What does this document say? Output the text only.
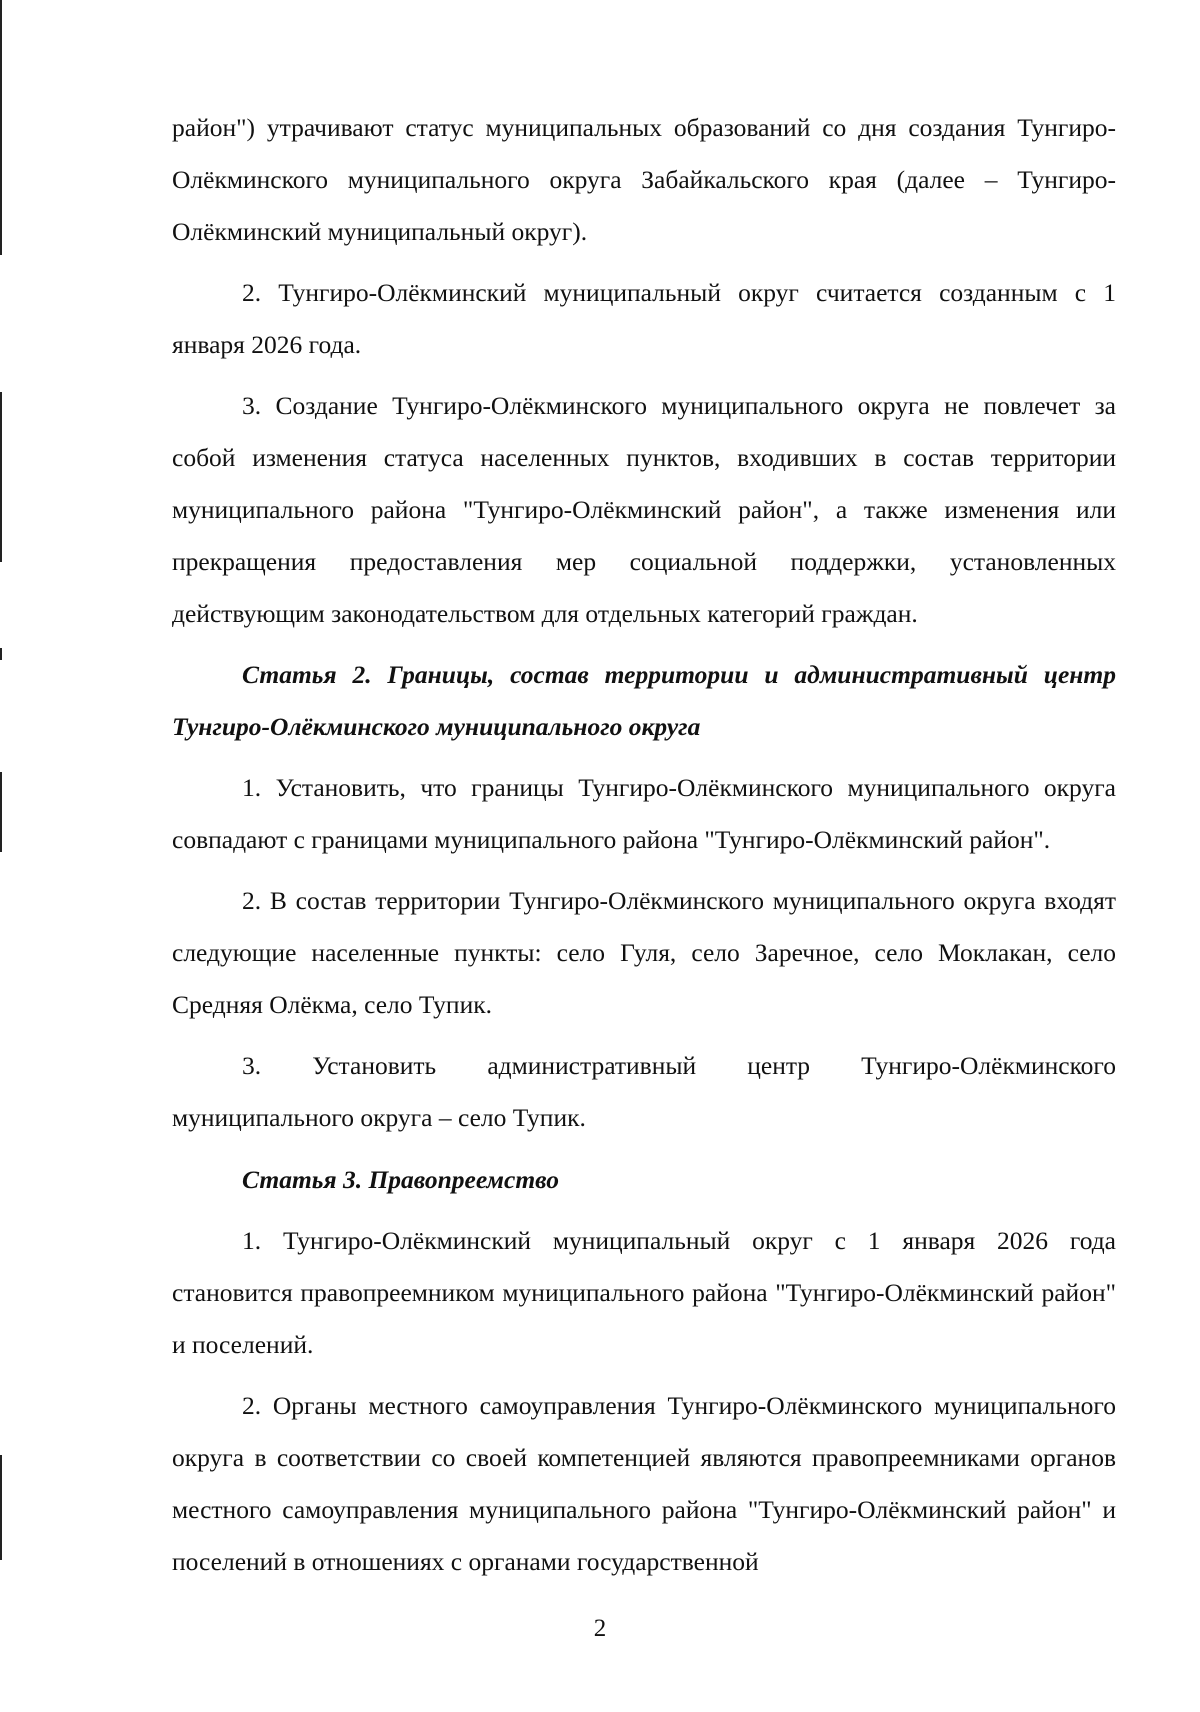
район") утрачивают статус муниципальных образований со дня создания Тунгиро-Олёкминского муниципального округа Забайкальского края (далее – Тунгиро-Олёкминский муниципальный округ).

2. Тунгиро-Олёкминский муниципальный округ считается созданным с 1 января 2026 года.

3. Создание Тунгиро-Олёкминского муниципального округа не повлечет за собой изменения статуса населенных пунктов, входивших в состав территории муниципального района "Тунгиро-Олёкминский район", а также изменения или прекращения предоставления мер социальной поддержки, установленных действующим законодательством для отдельных категорий граждан.

Статья 2. Границы, состав территории и административный центр Тунгиро-Олёкминского муниципального округа

1. Установить, что границы Тунгиро-Олёкминского муниципального округа совпадают с границами муниципального района "Тунгиро-Олёкминский район".

2. В состав территории Тунгиро-Олёкминского муниципального округа входят следующие населенные пункты: село Гуля, село Заречное, село Моклакан, село Средняя Олёкма, село Тупик.

3. Установить административный центр Тунгиро-Олёкминского муниципального округа – село Тупик.

Статья 3. Правопреемство

1. Тунгиро-Олёкминский муниципальный округ с 1 января 2026 года становится правопреемником муниципального района "Тунгиро-Олёкминский район" и поселений.

2. Органы местного самоуправления Тунгиро-Олёкминского муниципального округа в соответствии со своей компетенцией являются правопреемниками органов местного самоуправления муниципального района "Тунгиро-Олёкминский район" и поселений в отношениях с органами государственной

2
